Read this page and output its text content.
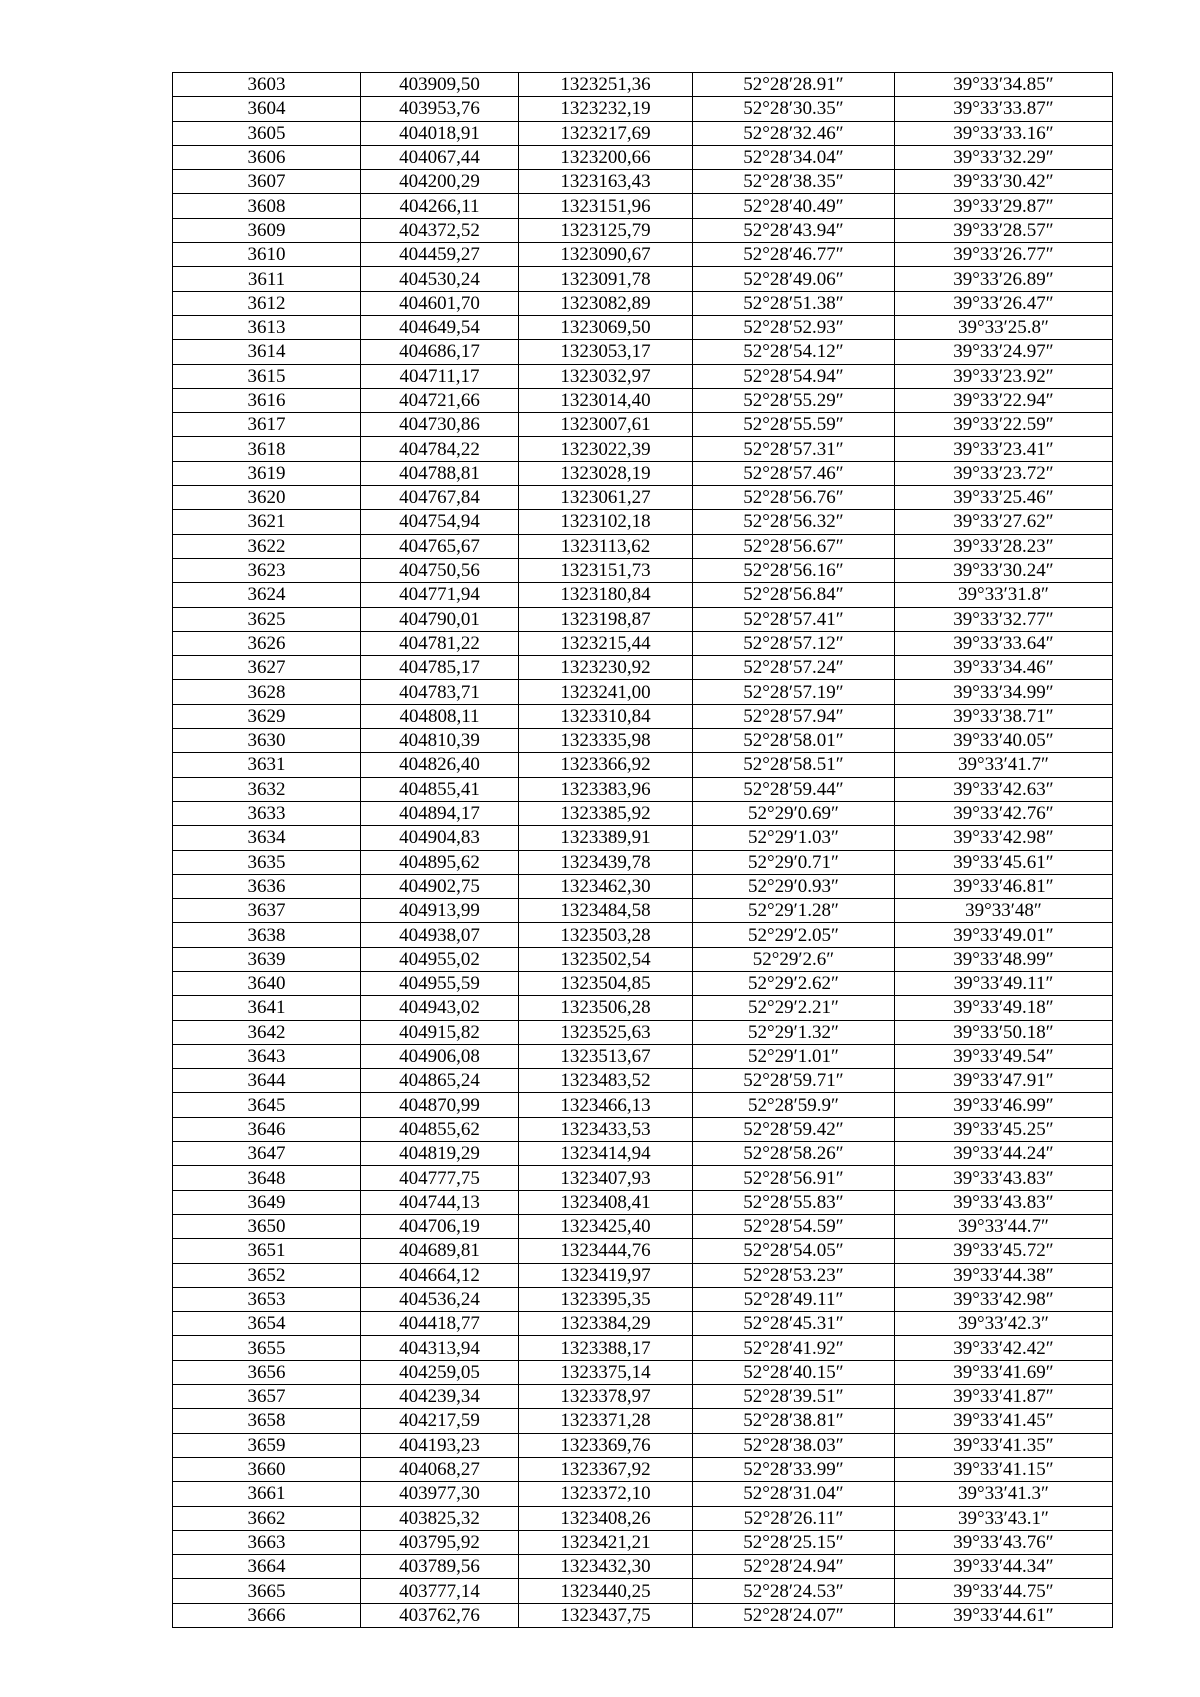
3603	403909,50	1323251,36	52°28′28.91″	39°33′34.85″
3604	403953,76	1323232,19	52°28′30.35″	39°33′33.87″
3605	404018,91	1323217,69	52°28′32.46″	39°33′33.16″
3606	404067,44	1323200,66	52°28′34.04″	39°33′32.29″
3607	404200,29	1323163,43	52°28′38.35″	39°33′30.42″
3608	404266,11	1323151,96	52°28′40.49″	39°33′29.87″
3609	404372,52	1323125,79	52°28′43.94″	39°33′28.57″
3610	404459,27	1323090,67	52°28′46.77″	39°33′26.77″
3611	404530,24	1323091,78	52°28′49.06″	39°33′26.89″
3612	404601,70	1323082,89	52°28′51.38″	39°33′26.47″
3613	404649,54	1323069,50	52°28′52.93″	39°33′25.8″
3614	404686,17	1323053,17	52°28′54.12″	39°33′24.97″
3615	404711,17	1323032,97	52°28′54.94″	39°33′23.92″
3616	404721,66	1323014,40	52°28′55.29″	39°33′22.94″
3617	404730,86	1323007,61	52°28′55.59″	39°33′22.59″
3618	404784,22	1323022,39	52°28′57.31″	39°33′23.41″
3619	404788,81	1323028,19	52°28′57.46″	39°33′23.72″
3620	404767,84	1323061,27	52°28′56.76″	39°33′25.46″
3621	404754,94	1323102,18	52°28′56.32″	39°33′27.62″
3622	404765,67	1323113,62	52°28′56.67″	39°33′28.23″
3623	404750,56	1323151,73	52°28′56.16″	39°33′30.24″
3624	404771,94	1323180,84	52°28′56.84″	39°33′31.8″
3625	404790,01	1323198,87	52°28′57.41″	39°33′32.77″
3626	404781,22	1323215,44	52°28′57.12″	39°33′33.64″
3627	404785,17	1323230,92	52°28′57.24″	39°33′34.46″
3628	404783,71	1323241,00	52°28′57.19″	39°33′34.99″
3629	404808,11	1323310,84	52°28′57.94″	39°33′38.71″
3630	404810,39	1323335,98	52°28′58.01″	39°33′40.05″
3631	404826,40	1323366,92	52°28′58.51″	39°33′41.7″
3632	404855,41	1323383,96	52°28′59.44″	39°33′42.63″
3633	404894,17	1323385,92	52°29′0.69″	39°33′42.76″
3634	404904,83	1323389,91	52°29′1.03″	39°33′42.98″
3635	404895,62	1323439,78	52°29′0.71″	39°33′45.61″
3636	404902,75	1323462,30	52°29′0.93″	39°33′46.81″
3637	404913,99	1323484,58	52°29′1.28″	39°33′48″
3638	404938,07	1323503,28	52°29′2.05″	39°33′49.01″
3639	404955,02	1323502,54	52°29′2.6″	39°33′48.99″
3640	404955,59	1323504,85	52°29′2.62″	39°33′49.11″
3641	404943,02	1323506,28	52°29′2.21″	39°33′49.18″
3642	404915,82	1323525,63	52°29′1.32″	39°33′50.18″
3643	404906,08	1323513,67	52°29′1.01″	39°33′49.54″
3644	404865,24	1323483,52	52°28′59.71″	39°33′47.91″
3645	404870,99	1323466,13	52°28′59.9″	39°33′46.99″
3646	404855,62	1323433,53	52°28′59.42″	39°33′45.25″
3647	404819,29	1323414,94	52°28′58.26″	39°33′44.24″
3648	404777,75	1323407,93	52°28′56.91″	39°33′43.83″
3649	404744,13	1323408,41	52°28′55.83″	39°33′43.83″
3650	404706,19	1323425,40	52°28′54.59″	39°33′44.7″
3651	404689,81	1323444,76	52°28′54.05″	39°33′45.72″
3652	404664,12	1323419,97	52°28′53.23″	39°33′44.38″
3653	404536,24	1323395,35	52°28′49.11″	39°33′42.98″
3654	404418,77	1323384,29	52°28′45.31″	39°33′42.3″
3655	404313,94	1323388,17	52°28′41.92″	39°33′42.42″
3656	404259,05	1323375,14	52°28′40.15″	39°33′41.69″
3657	404239,34	1323378,97	52°28′39.51″	39°33′41.87″
3658	404217,59	1323371,28	52°28′38.81″	39°33′41.45″
3659	404193,23	1323369,76	52°28′38.03″	39°33′41.35″
3660	404068,27	1323367,92	52°28′33.99″	39°33′41.15″
3661	403977,30	1323372,10	52°28′31.04″	39°33′41.3″
3662	403825,32	1323408,26	52°28′26.11″	39°33′43.1″
3663	403795,92	1323421,21	52°28′25.15″	39°33′43.76″
3664	403789,56	1323432,30	52°28′24.94″	39°33′44.34″
3665	403777,14	1323440,25	52°28′24.53″	39°33′44.75″
3666	403762,76	1323437,75	52°28′24.07″	39°33′44.61″
